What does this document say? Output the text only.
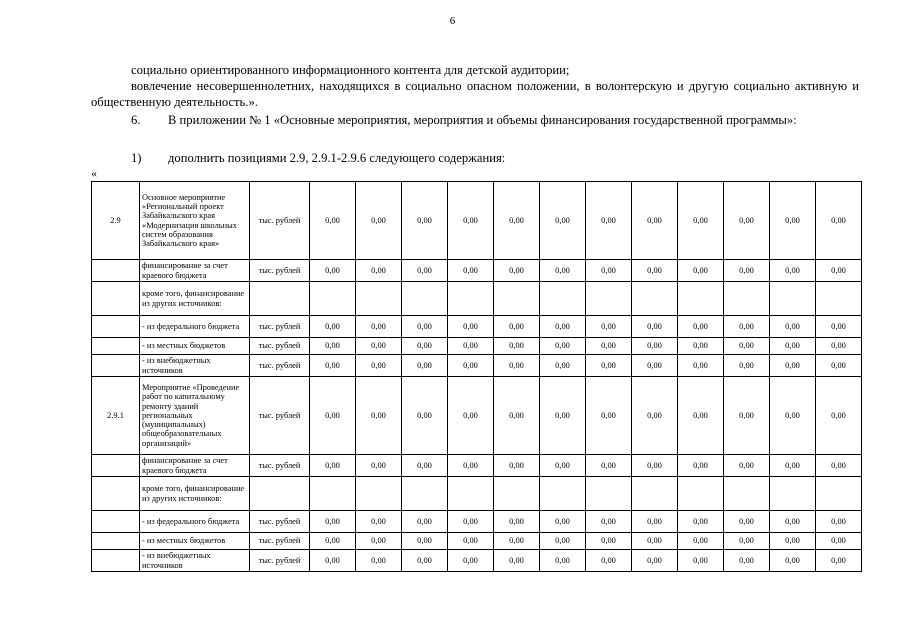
6
социально ориентированного информационного контента для детской аудитории;
вовлечение несовершеннолетних, находящихся в социально опасном положении, в волонтерскую и другую социально активную и общественную деятельность.».
6. В приложении № 1 «Основные мероприятия, мероприятия и объемы финансирования государственной программы»:
1) дополнить позициями 2.9, 2.9.1-2.9.6 следующего содержания:
«
2.9	Основное мероприятие «Региональный проект Забайкальского края «Модернизация школьных систем образования Забайкальского края»	тыс. рублей	0,00	0,00	0,00	0,00	0,00	0,00	0,00	0,00	0,00	0,00	0,00	0,00
	финансирование за счет краевого бюджета	тыс. рублей	0,00	0,00	0,00	0,00	0,00	0,00	0,00	0,00	0,00	0,00	0,00	0,00
	кроме того, финансирование из других источников:													
	- из федерального бюджета	тыс. рублей	0,00	0,00	0,00	0,00	0,00	0,00	0,00	0,00	0,00	0,00	0,00	0,00
	- из местных бюджетов	тыс. рублей	0,00	0,00	0,00	0,00	0,00	0,00	0,00	0,00	0,00	0,00	0,00	0,00
	- из внебюджетных источников	тыс. рублей	0,00	0,00	0,00	0,00	0,00	0,00	0,00	0,00	0,00	0,00	0,00	0,00
2.9.1	Мероприятие «Проведение работ по капитальному ремонту зданий региональных (муниципальных) общеобразовательных организаций»	тыс. рублей	0,00	0,00	0,00	0,00	0,00	0,00	0,00	0,00	0,00	0,00	0,00	0,00
	финансирование за счет краевого бюджета	тыс. рублей	0,00	0,00	0,00	0,00	0,00	0,00	0,00	0,00	0,00	0,00	0,00	0,00
	кроме того, финансирование из других источников:													
	- из федерального бюджета	тыс. рублей	0,00	0,00	0,00	0,00	0,00	0,00	0,00	0,00	0,00	0,00	0,00	0,00
	- из местных бюджетов	тыс. рублей	0,00	0,00	0,00	0,00	0,00	0,00	0,00	0,00	0,00	0,00	0,00	0,00
	- из внебюджетных источников	тыс. рублей	0,00	0,00	0,00	0,00	0,00	0,00	0,00	0,00	0,00	0,00	0,00	0,00
